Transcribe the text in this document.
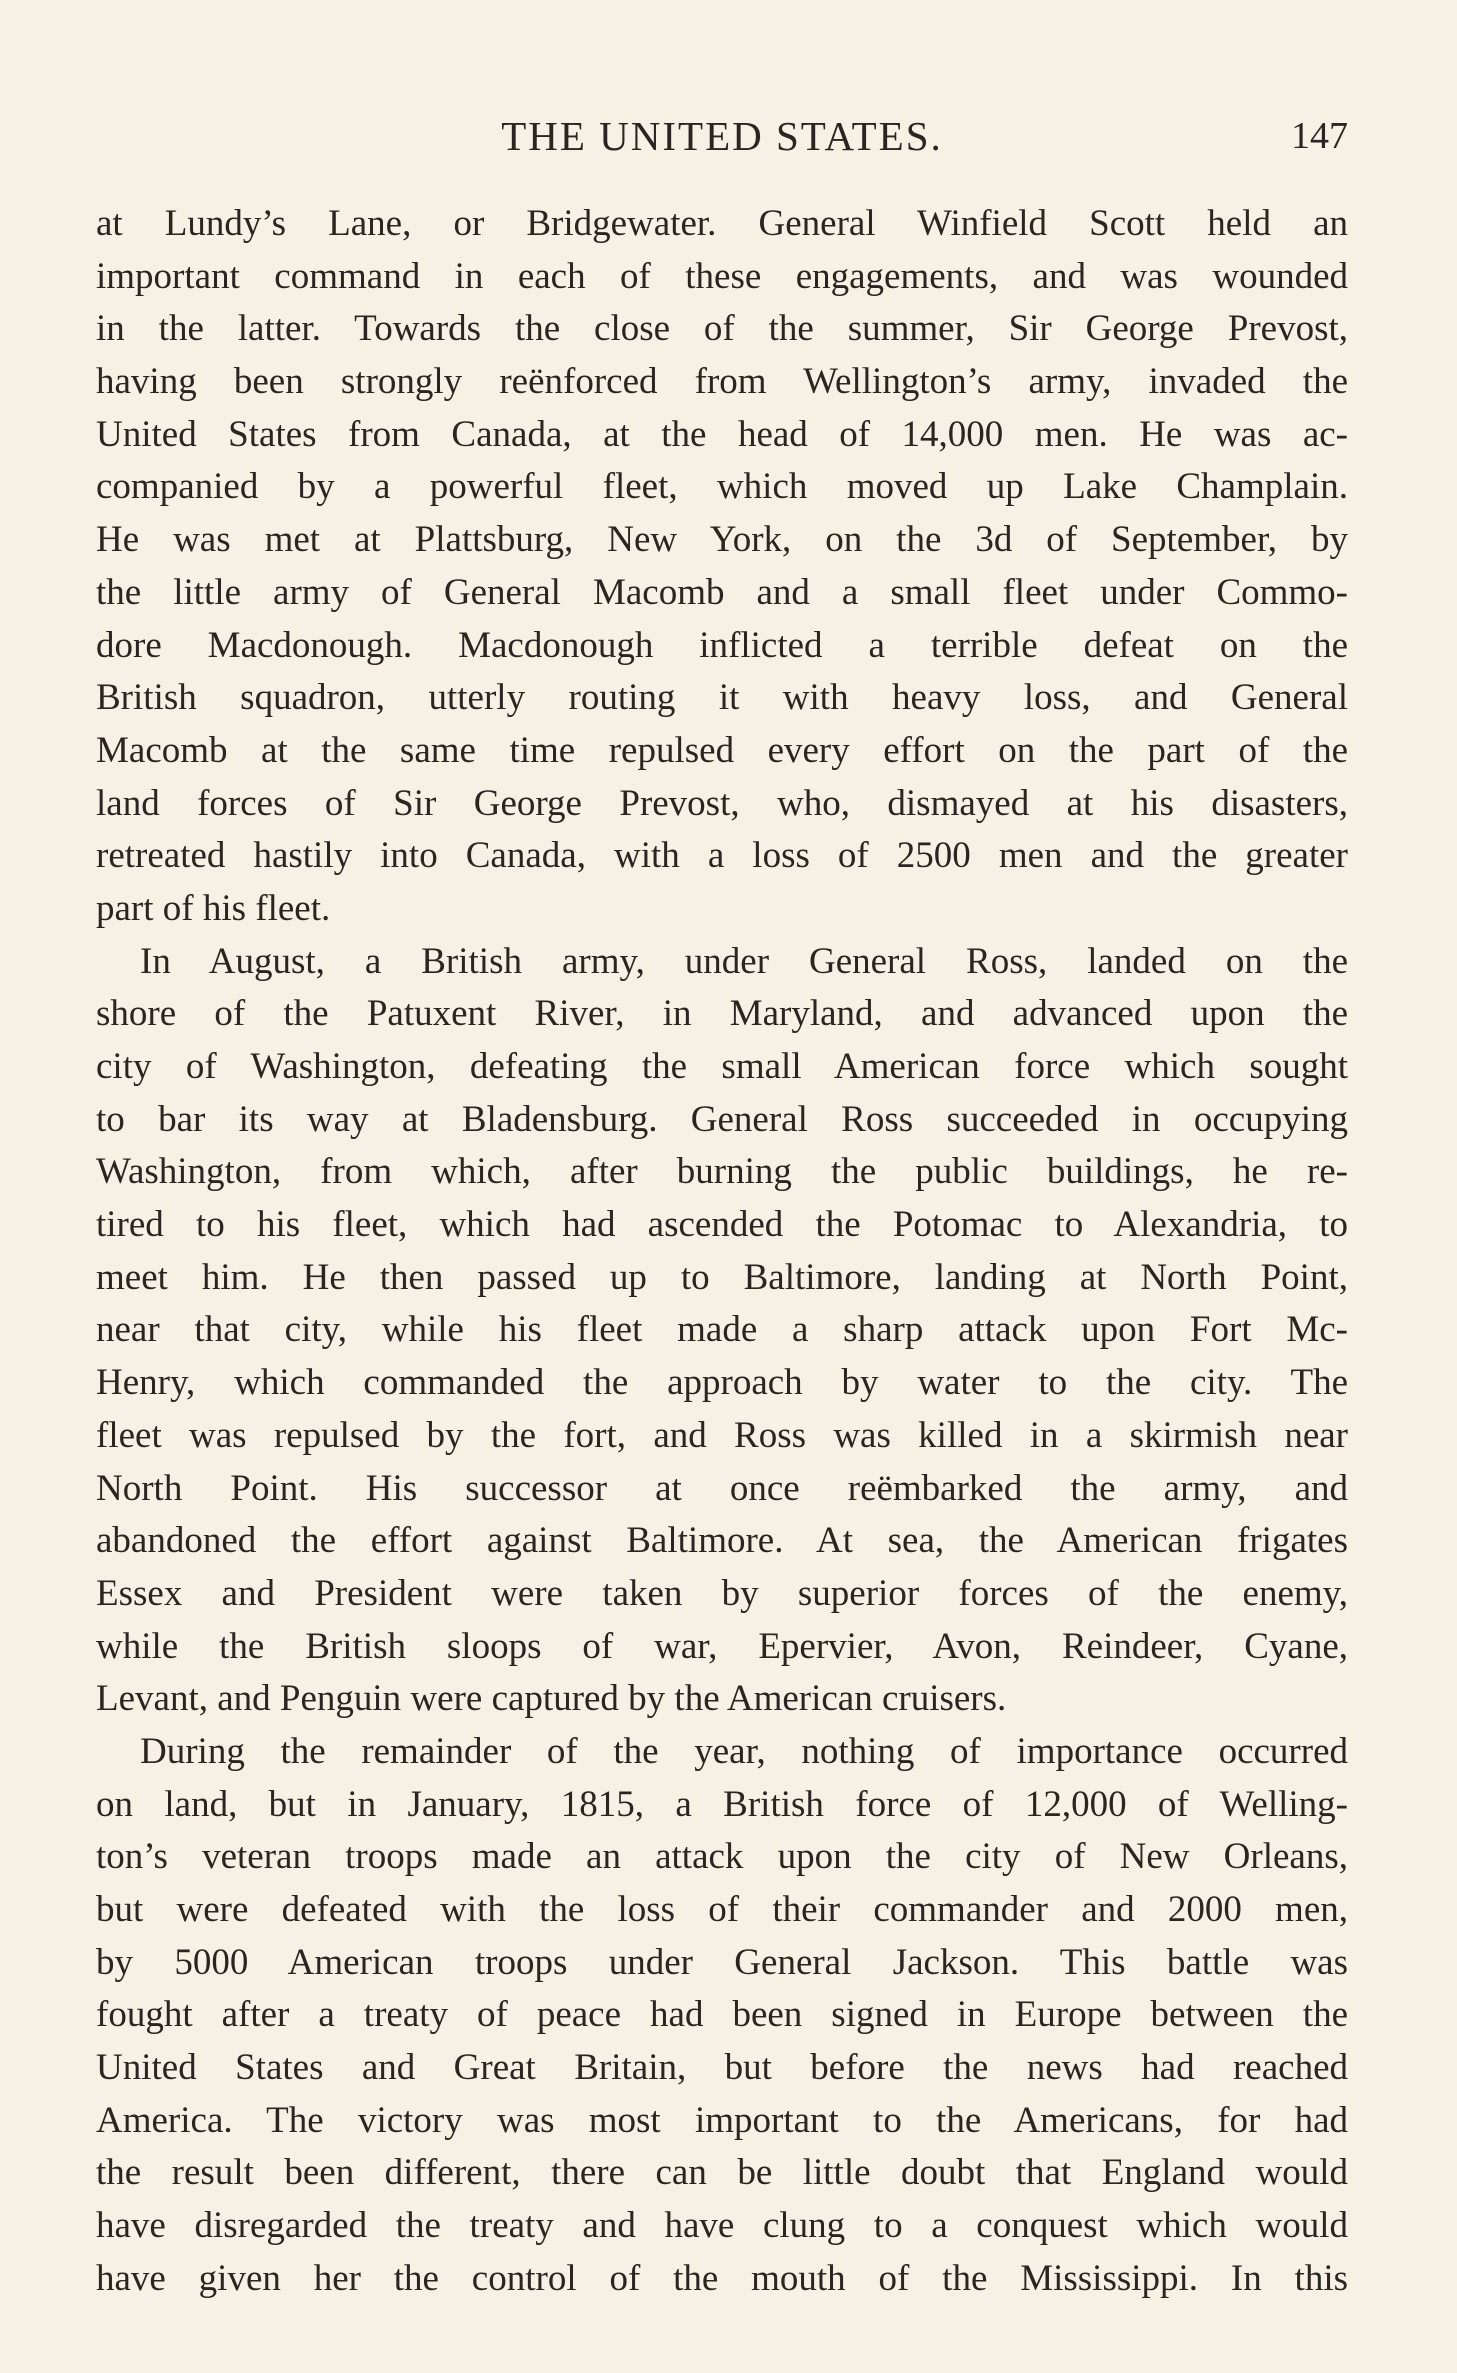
THE UNITED STATES.	147
at Lundy’s Lane, or Bridgewater. General Winfield Scott held an
important command in each of these engagements, and was wounded
in the latter. Towards the close of the summer, Sir George Prevost,
having been strongly reënforced from Wellington’s army, invaded the
United States from Canada, at the head of 14,000 men. He was ac-
companied by a powerful fleet, which moved up Lake Champlain.
He was met at Plattsburg, New York, on the 3d of September, by
the little army of General Macomb and a small fleet under Commo-
dore Macdonough. Macdonough inflicted a terrible defeat on the
British squadron, utterly routing it with heavy loss, and General
Macomb at the same time repulsed every effort on the part of the
land forces of Sir George Prevost, who, dismayed at his disasters,
retreated hastily into Canada, with a loss of 2500 men and the greater
part of his fleet.
In August, a British army, under General Ross, landed on the
shore of the Patuxent River, in Maryland, and advanced upon the
city of Washington, defeating the small American force which sought
to bar its way at Bladensburg. General Ross succeeded in occupying
Washington, from which, after burning the public buildings, he re-
tired to his fleet, which had ascended the Potomac to Alexandria, to
meet him. He then passed up to Baltimore, landing at North Point,
near that city, while his fleet made a sharp attack upon Fort Mc-
Henry, which commanded the approach by water to the city. The
fleet was repulsed by the fort, and Ross was killed in a skirmish near
North Point. His successor at once reëmbarked the army, and
abandoned the effort against Baltimore. At sea, the American frigates
Essex and President were taken by superior forces of the enemy,
while the British sloops of war, Epervier, Avon, Reindeer, Cyane,
Levant, and Penguin were captured by the American cruisers.
During the remainder of the year, nothing of importance occurred
on land, but in January, 1815, a British force of 12,000 of Welling-
ton’s veteran troops made an attack upon the city of New Orleans,
but were defeated with the loss of their commander and 2000 men,
by 5000 American troops under General Jackson. This battle was
fought after a treaty of peace had been signed in Europe between the
United States and Great Britain, but before the news had reached
America. The victory was most important to the Americans, for had
the result been different, there can be little doubt that England would
have disregarded the treaty and have clung to a conquest which would
have given her the control of the mouth of the Mississippi. In this
